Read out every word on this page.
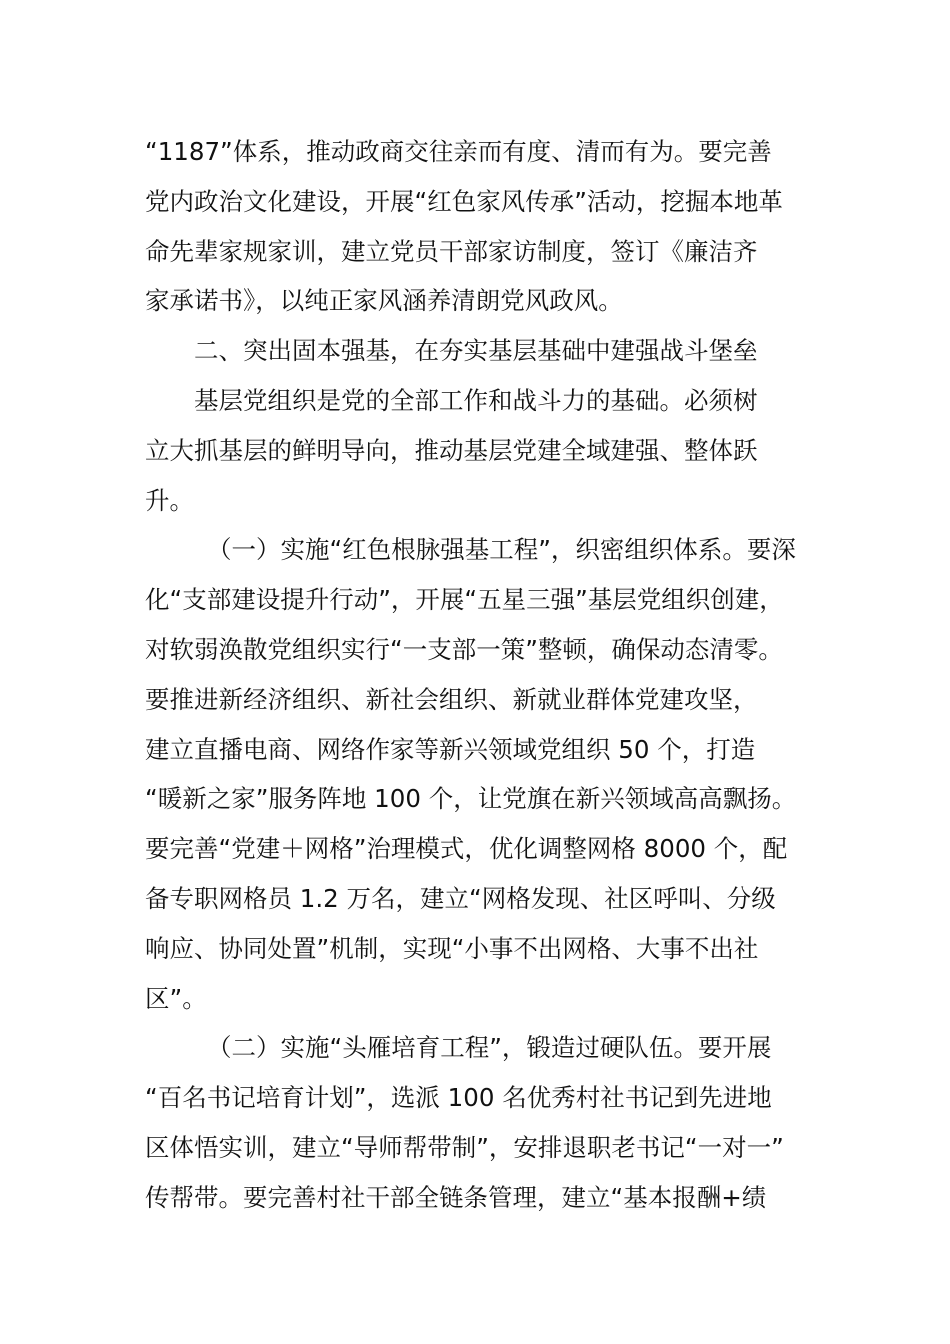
“1187”体系，推动政商交往亲而有度、清而有为。要完善
党内政治文化建设，开展“红色家风传承”活动，挖掘本地革
命先辈家规家训，建立党员干部家访制度，签订《廉洁齐
家承诺书》，以纯正家风涵养清朗党风政风。
二、突出固本强基，在夯实基层基础中建强战斗堡垒
基层党组织是党的全部工作和战斗力的基础。必须树
立大抓基层的鲜明导向，推动基层党建全域建强、整体跃
升。
（一）实施“红色根脉强基工程”，织密组织体系。要深
化“支部建设提升行动”，开展“五星三强”基层党组织创建，
对软弱涣散党组织实行“一支部一策”整顿，确保动态清零。
要推进新经济组织、新社会组织、新就业群体党建攻坚，
建立直播电商、网络作家等新兴领域党组织 50 个，打造
“暖新之家”服务阵地 100 个，让党旗在新兴领域高高飘扬。
要完善“党建＋网格”治理模式，优化调整网格 8000 个，配
备专职网格员 1.2 万名，建立“网格发现、社区呼叫、分级
响应、协同处置”机制，实现“小事不出网格、大事不出社
区”。
（二）实施“头雁培育工程”，锻造过硬队伍。要开展
“百名书记培育计划”，选派 100 名优秀村社书记到先进地
区体悟实训，建立“导师帮带制”，安排退职老书记“一对一”
传帮带。要完善村社干部全链条管理，建立“基本报酬+绩
